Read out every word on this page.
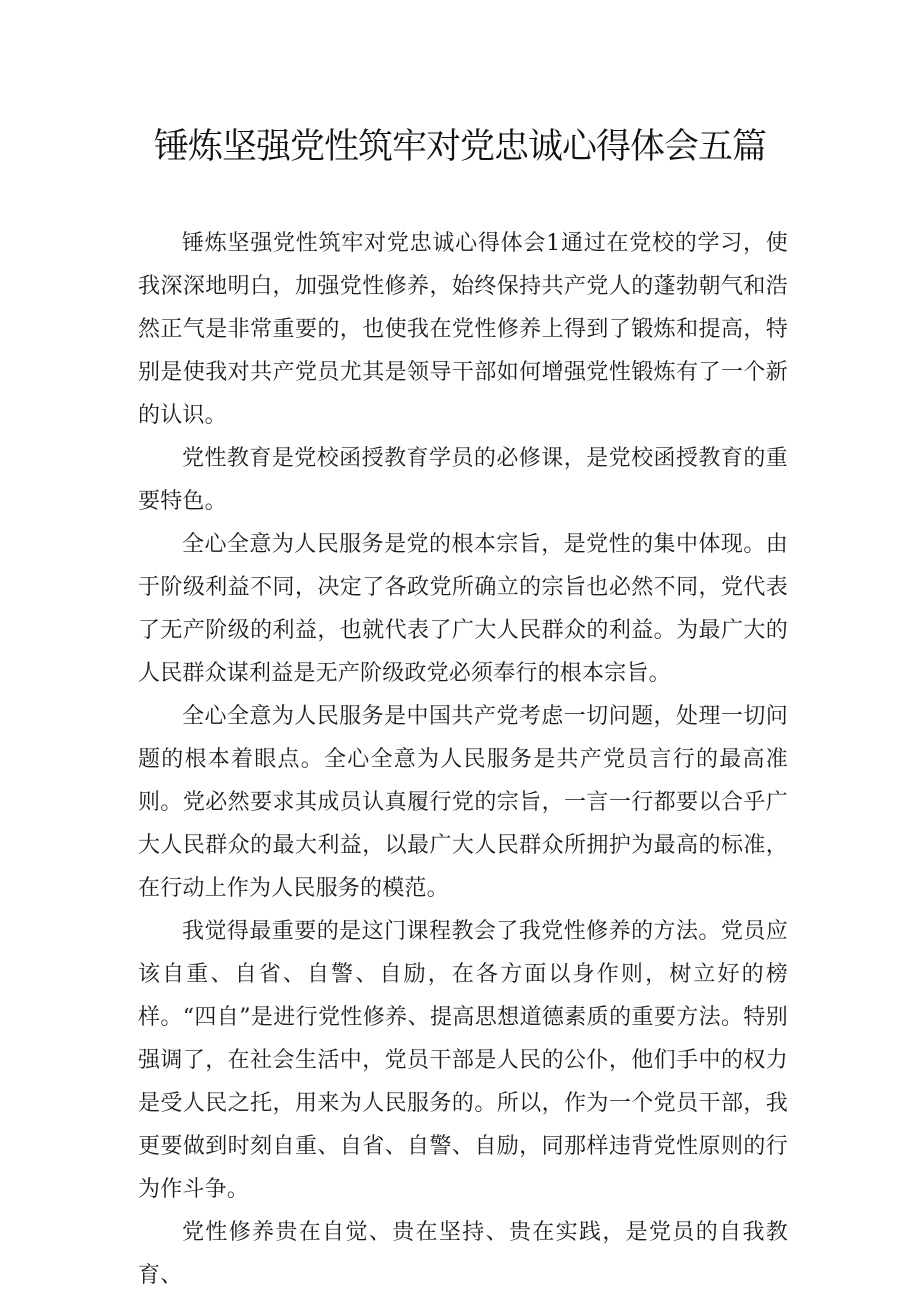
锤炼坚强党性筑牢对党忠诚心得体会五篇

锤炼坚强党性筑牢对党忠诚心得体会1通过在党校的学习，使我深深地明白，加强党性修养，始终保持共产党人的蓬勃朝气和浩然正气是非常重要的，也使我在党性修养上得到了锻炼和提高，特别是使我对共产党员尤其是领导干部如何增强党性锻炼有了一个新的认识。

党性教育是党校函授教育学员的必修课，是党校函授教育的重要特色。

全心全意为人民服务是党的根本宗旨，是党性的集中体现。由于阶级利益不同，决定了各政党所确立的宗旨也必然不同，党代表了无产阶级的利益，也就代表了广大人民群众的利益。为最广大的人民群众谋利益是无产阶级政党必须奉行的根本宗旨。

全心全意为人民服务是中国共产党考虑一切问题，处理一切问题的根本着眼点。全心全意为人民服务是共产党员言行的最高准则。党必然要求其成员认真履行党的宗旨，一言一行都要以合乎广大人民群众的最大利益，以最广大人民群众所拥护为最高的标准，在行动上作为人民服务的模范。

我觉得最重要的是这门课程教会了我党性修养的方法。党员应该自重、自省、自警、自励，在各方面以身作则，树立好的榜样。“四自”是进行党性修养、提高思想道德素质的重要方法。特别强调了，在社会生活中，党员干部是人民的公仆，他们手中的权力是受人民之托，用来为人民服务的。所以，作为一个党员干部，我更要做到时刻自重、自省、自警、自励，同那样违背党性原则的行为作斗争。

党性修养贵在自觉、贵在坚持、贵在实践，是党员的自我教育、
